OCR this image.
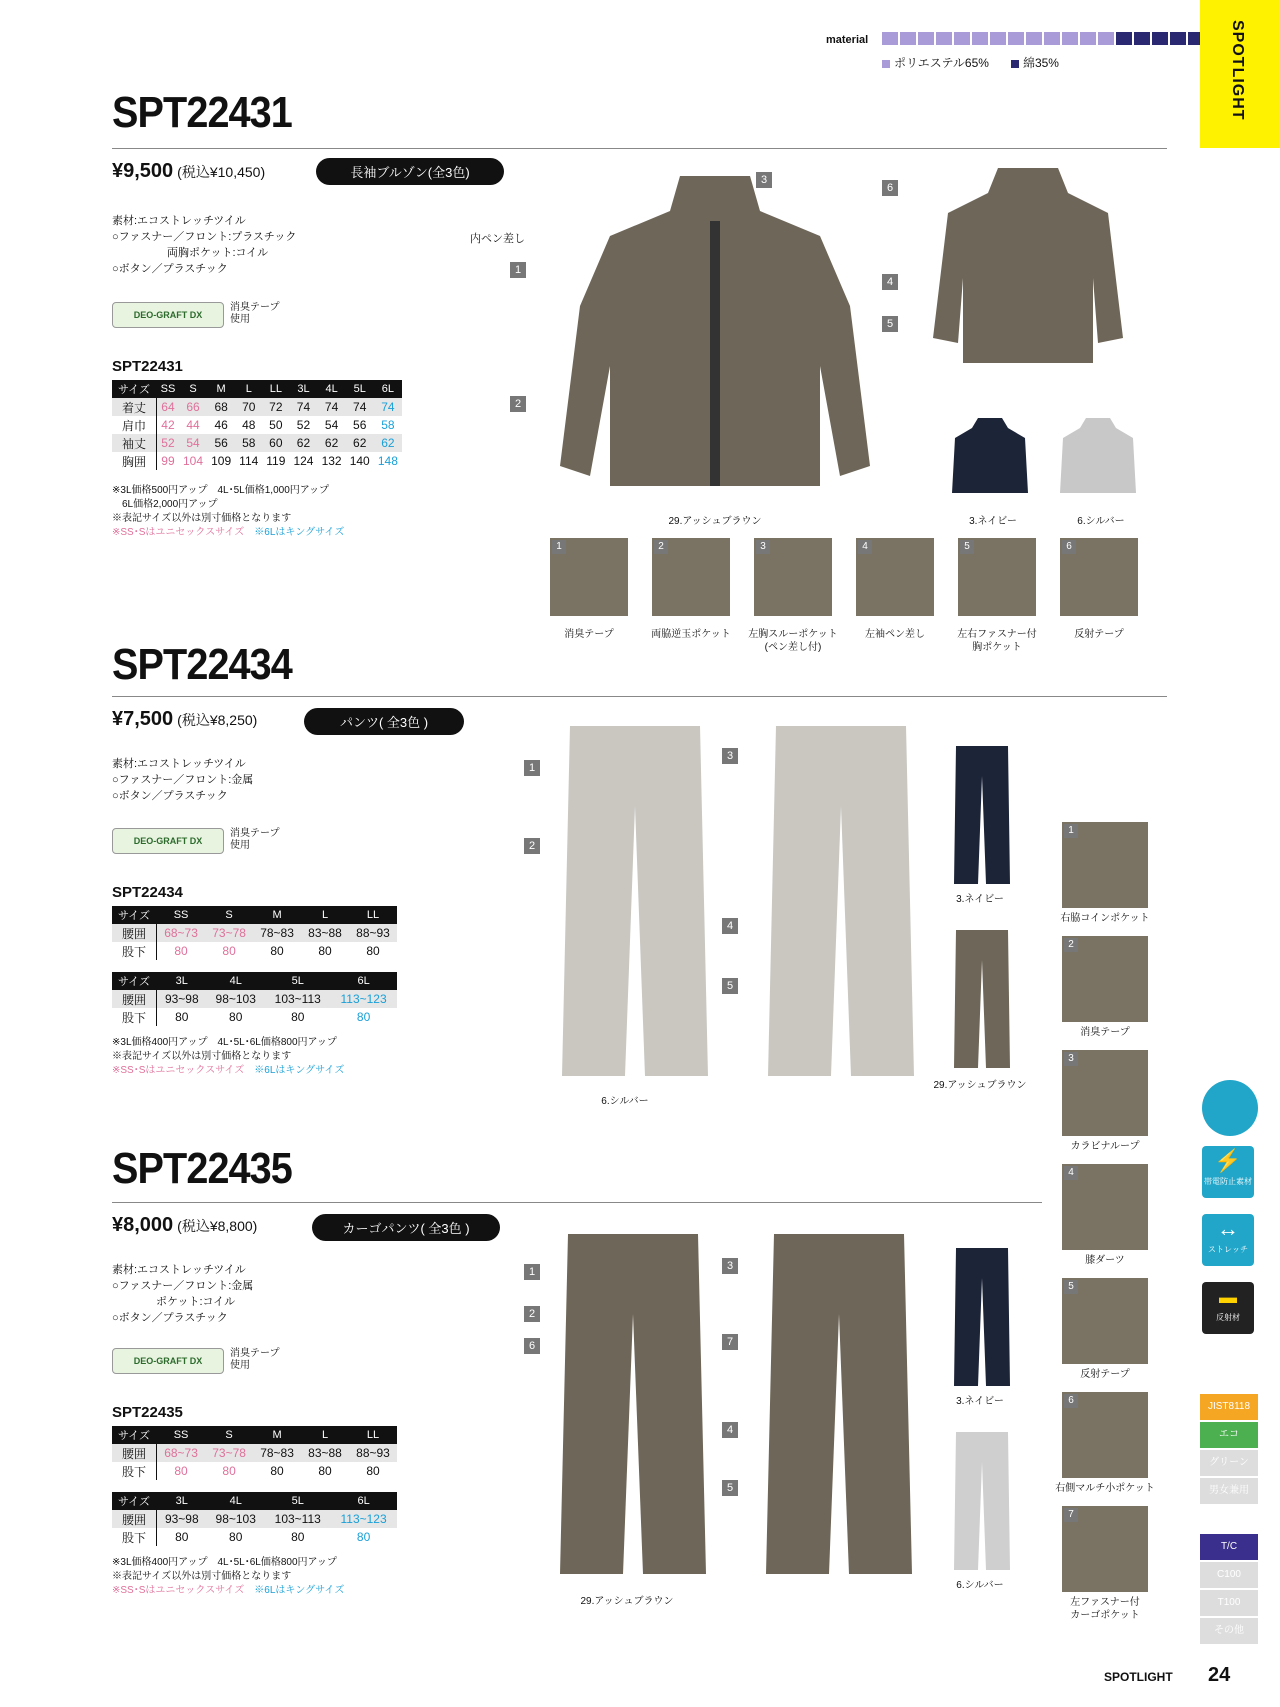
material
ポリエステル65%	綿35%	SPOTLIGHT
SPT22431
¥9,500 (税込¥10,450)	長袖ブルゾン(全3色)
素材:エコストレッチツイル
○ファスナー／フロント:プラスチック
　　　　　両胸ポケット:コイル
○ボタン／プラスチック
DEO-GRAFT DX
消臭テープ
使用
SPT22431
サイズ	SS	S	M	L	LL	3L	4L	5L	6L
着丈	64	66	68	70	72	74	74	74	74
肩巾	42	44	46	48	50	52	54	56	58
袖丈	52	54	56	58	60	62	62	62	62
胸囲	99	104	109	114	119	124	132	140	148
※3L価格500円アップ　4L･5L価格1,000円アップ
　6L価格2,000円アップ
※表記サイズ以外は別寸価格となります
※SS･Sはユニセックスサイズ　 ※6Lはキングサイズ
29.アッシュブラウン
1
2
3
4
5
6
内ペン差し
3.ネイビー	6.シルバー
1
消臭テープ
2
両脇逆玉ポケット
3
左胸スルーポケット
(ペン差し付)
4
左袖ペン差し
5
左右ファスナー付
胸ポケット
6
反射テープ
SPT22434
¥7,500 (税込¥8,250)	パンツ( 全3色 )
素材:エコストレッチツイル
○ファスナー／フロント:金属
○ボタン／プラスチック
DEO-GRAFT DX
消臭テープ
使用
SPT22434
サイズ	SS	S	M	L	LL
腰囲	68~73	73~78	78~83	83~88	88~93
股下	80	80	80	80	80
サイズ	3L	4L	5L	6L
腰囲	93~98	98~103	103~113	113~123
股下	80	80	80	80
※3L価格400円アップ　4L･5L･6L価格800円アップ
※表記サイズ以外は別寸価格となります
※SS･Sはユニセックスサイズ　 ※6Lはキングサイズ
6.シルバー
1
2
3
4
5
3.ネイビー
29.アッシュブラウン
1
右脇コインポケット
2
消臭テープ
3
カラビナループ
4
膝ダーツ
5
反射テープ
6
右側マルチ小ポケット
7
左ファスナー付
カーゴポケット
SPT22435
¥8,000 (税込¥8,800)	カーゴパンツ( 全3色 )
素材:エコストレッチツイル
○ファスナー／フロント:金属
　　　　ポケット:コイル
○ボタン／プラスチック
DEO-GRAFT DX
消臭テープ
使用
SPT22435
サイズ	SS	S	M	L	LL
腰囲	68~73	73~78	78~83	83~88	88~93
股下	80	80	80	80	80
サイズ	3L	4L	5L	6L
腰囲	93~98	98~103	103~113	113~123
股下	80	80	80	80
※3L価格400円アップ　4L･5L･6L価格800円アップ
※表記サイズ以外は別寸価格となります
※SS･Sはユニセックスサイズ　 ※6Lはキングサイズ
29.アッシュブラウン
1
2
3
4
5
6	7
3.ネイビー
6.シルバー
⚡
帯電防止素材
↔
ストレッチ
▬
反射材
JIST8118
エコ
グリーン
男女兼用
T/C
C100
T100
その他
SPOTLIGHT 24
